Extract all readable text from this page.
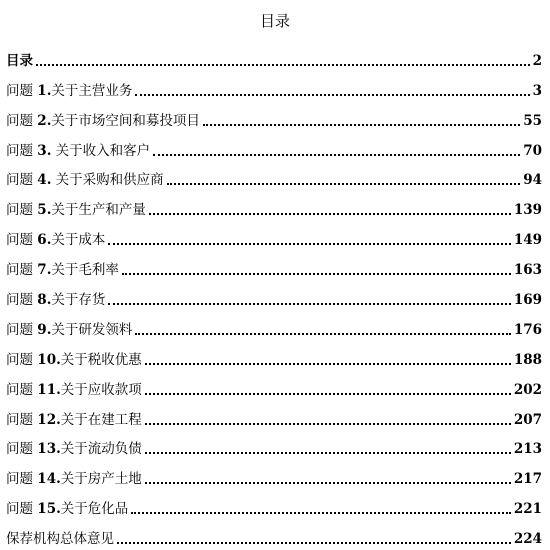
目录
目录	2
问题 1.关于主营业务	3
问题 2.关于市场空间和募投项目	55
问题 3. 关于收入和客户	70
问题 4. 关于采购和供应商	94
问题 5.关于生产和产量	139
问题 6.关于成本	149
问题 7.关于毛利率	163
问题 8.关于存货	169
问题 9.关于研发领料	176
问题 10.关于税收优惠	188
问题 11.关于应收款项	202
问题 12.关于在建工程	207
问题 13.关于流动负债	213
问题 14.关于房产土地	217
问题 15.关于危化品	221
保荐机构总体意见	224
